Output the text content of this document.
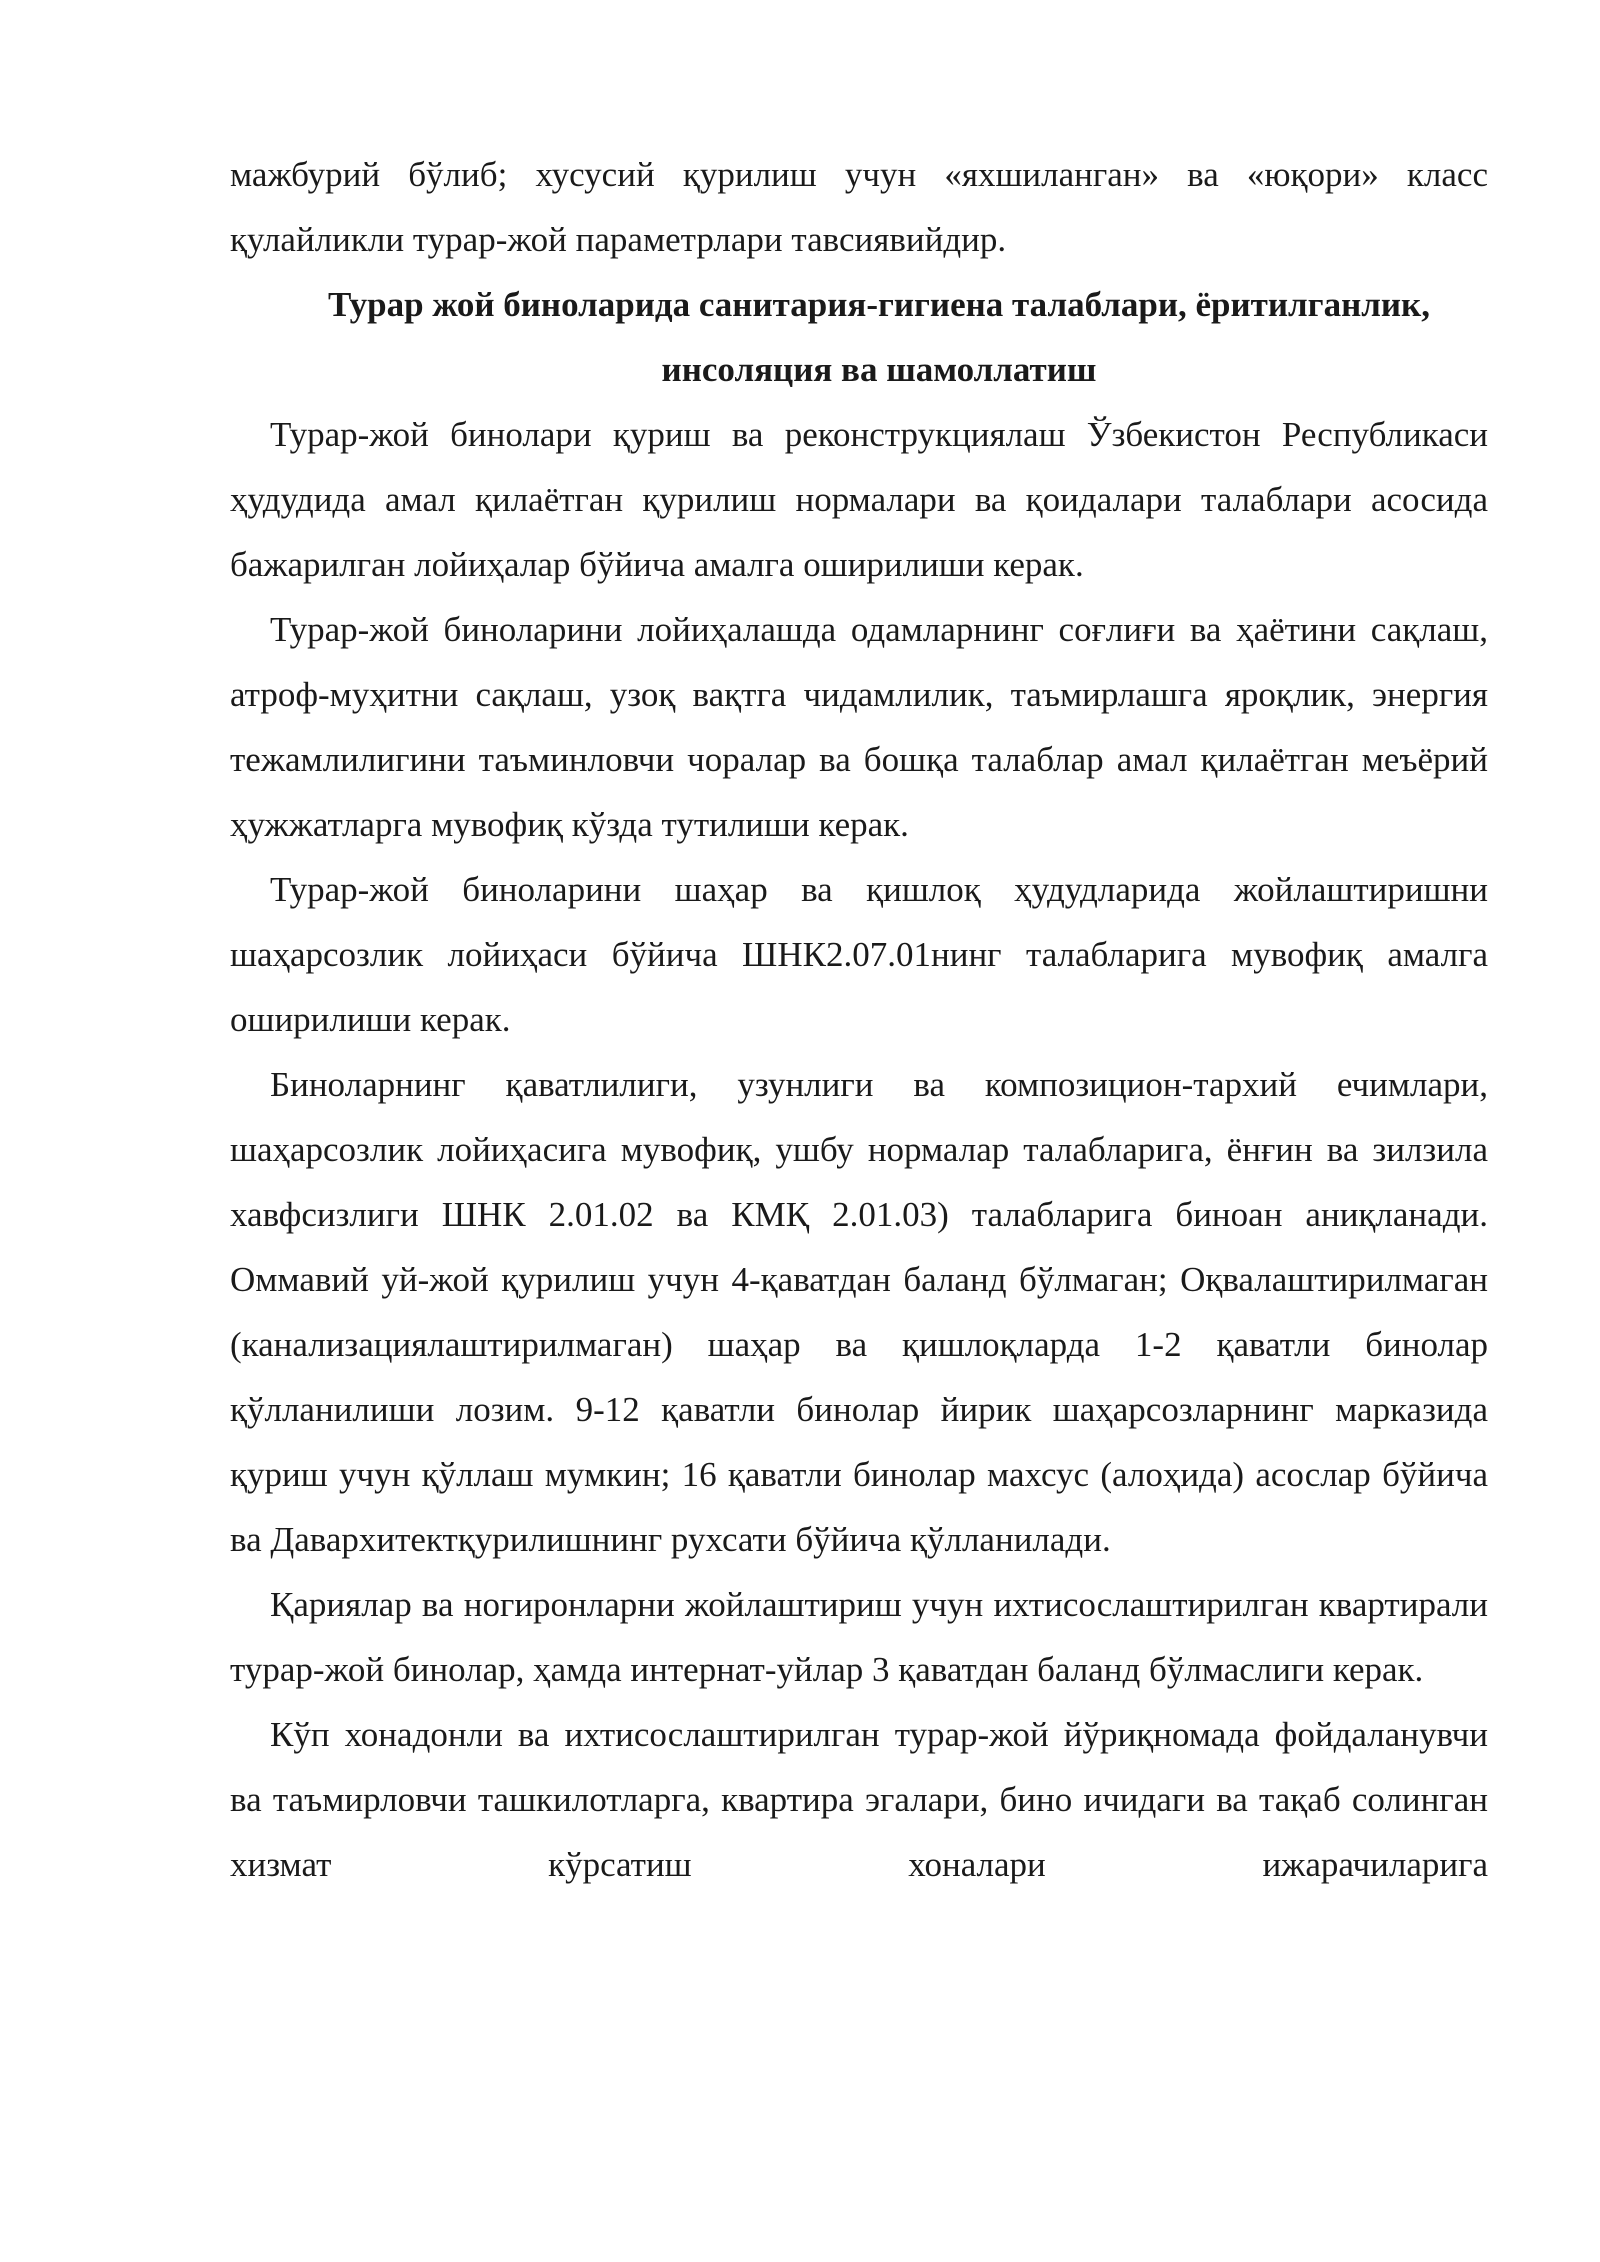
мажбурий бўлиб; хусусий қурилиш учун «яхшиланган» ва «юқори» класс қулайликли турар-жой параметрлари тавсиявийдир.

Турар жой биноларида санитария-гигиена талаблари, ёритилганлик, инсоляция ва шамоллатиш

Турар-жой бинолари қуриш ва реконструкциялаш Ўзбекистон Республикаси ҳудудида амал қилаётган қурилиш нормалари ва қоидалари талаблари асосида бажарилган лойиҳалар бўйича амалга оширилиши керак.

Турар-жой биноларини лойиҳалашда одамларнинг соғлиғи ва ҳаётини сақлаш, атроф-муҳитни сақлаш, узоқ вақтга чидамлилик, таъмирлашга яроқлик, энергия тежамлилигини таъминловчи чоралар ва бошқа талаблар амал қилаётган меъёрий ҳужжатларга мувофиқ кўзда тутилиши керак.

Турар-жой биноларини шаҳар ва қишлоқ ҳудудларида жойлаштиришни шаҳарсозлик лойиҳаси бўйича ШНК2.07.01нинг талабларига мувофиқ амалга оширилиши керак.

Биноларнинг қаватлилиги, узунлиги ва композицион-тархий ечимлари, шаҳарсозлик лойиҳасига мувофиқ, ушбу нормалар талабларига, ёнғин ва зилзила хавфсизлиги ШНК 2.01.02 ва КМҚ 2.01.03) талабларига биноан аниқланади. Оммавий уй-жой қурилиш учун 4-қаватдан баланд бўлмаган; Оқвалаштирилмаган (канализациялаштирилмаган) шаҳар ва қишлоқларда 1-2 қаватли бинолар қўлланилиши лозим. 9-12 қаватли бинолар йирик шаҳарсозларнинг марказида қуриш учун қўллаш мумкин; 16 қаватли бинолар махсус (алоҳида) асослар бўйича ва Давархитектқурилишнинг рухсати бўйича қўлланилади.

Қариялар ва ногиронларни жойлаштириш учун ихтисослаштирилган квартирали турар-жой бинолар, ҳамда интернат-уйлар 3 қаватдан баланд бўлмаслиги керак.

Кўп хонадонли ва ихтисослаштирилган турар-жой йўриқномада фойдаланувчи ва таъмирловчи ташкилотларга, квартира эгалари, бино ичидаги ва тақаб солинган хизмат кўрсатиш хоналари ижарачиларига
